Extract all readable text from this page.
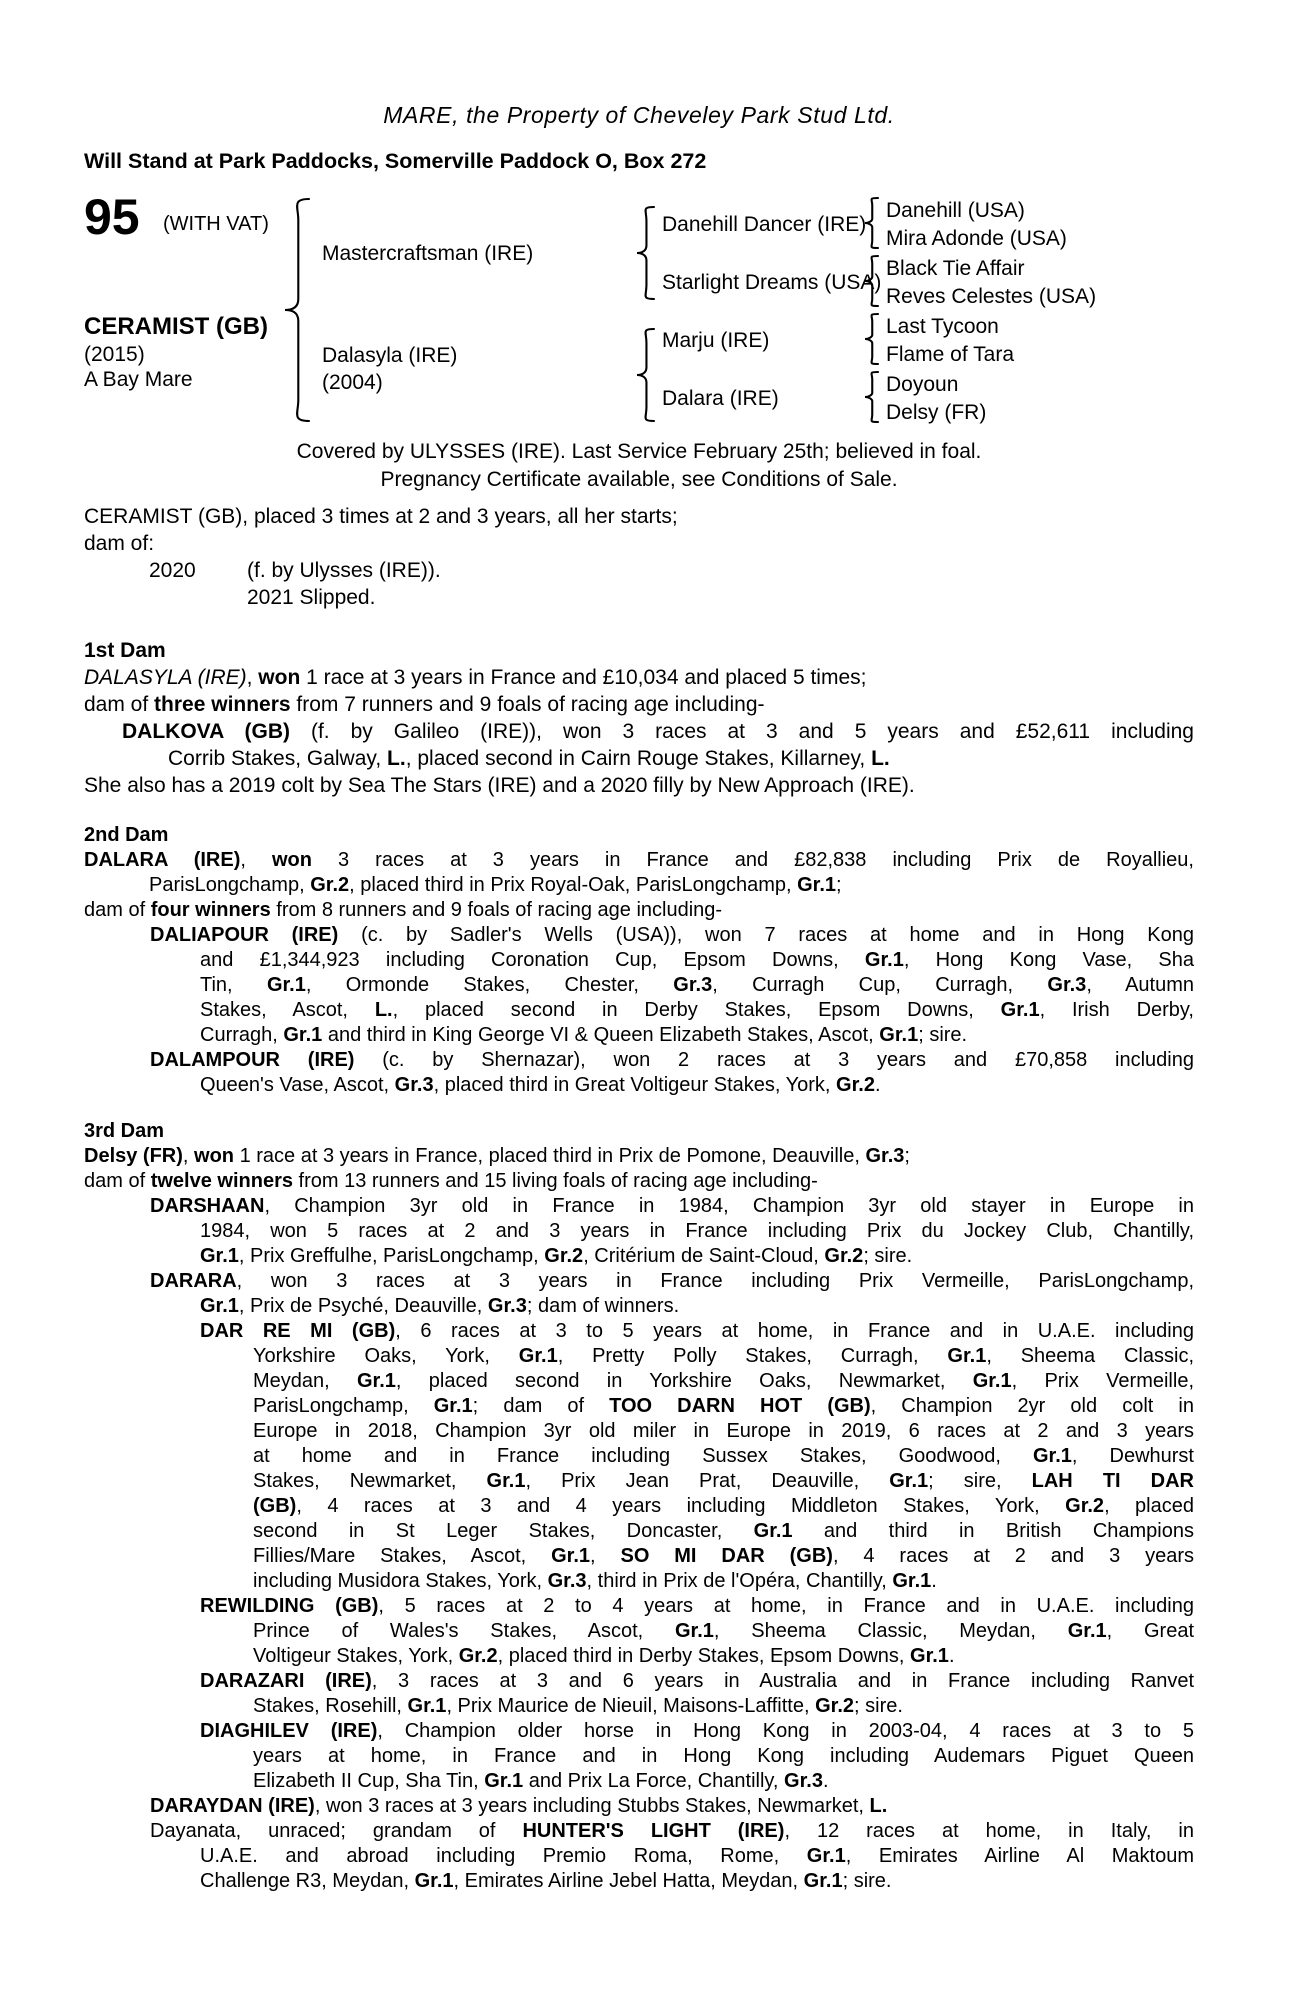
MARE, the Property of Cheveley Park Stud Ltd.
Will Stand at Park Paddocks, Somerville Paddock O, Box 272
95 (WITH VAT)
CERAMIST (GB)
(2015)
A Bay Mare
Mastercraftsman (IRE)
Dalasyla (IRE)
(2004)
Danehill Dancer (IRE)
Starlight Dreams (USA)
Marju (IRE)
Dalara (IRE)
Danehill (USA)
Mira Adonde (USA)
Black Tie Affair
Reves Celestes (USA)
Last Tycoon
Flame of Tara
Doyoun
Delsy (FR)
Covered by ULYSSES (IRE). Last Service February 25th; believed in foal.
Pregnancy Certificate available, see Conditions of Sale.
CERAMIST (GB), placed 3 times at 2 and 3 years, all her starts;
dam of:
2020 (f. by Ulysses (IRE)).
2021 Slipped.
1st Dam
DALASYLA (IRE), won 1 race at 3 years in France and £10,034 and placed 5 times;
dam of three winners from 7 runners and 9 foals of racing age including-
DALKOVA (GB) (f. by Galileo (IRE)), won 3 races at 3 and 5 years and £52,611 including
Corrib Stakes, Galway, L., placed second in Cairn Rouge Stakes, Killarney, L.
She also has a 2019 colt by Sea The Stars (IRE) and a 2020 filly by New Approach (IRE).
2nd Dam
DALARA (IRE), won 3 races at 3 years in France and £82,838 including Prix de Royallieu,
ParisLongchamp, Gr.2, placed third in Prix Royal-Oak, ParisLongchamp, Gr.1;
dam of four winners from 8 runners and 9 foals of racing age including-
DALIAPOUR (IRE) (c. by Sadler's Wells (USA)), won 7 races at home and in Hong Kong
and £1,344,923 including Coronation Cup, Epsom Downs, Gr.1, Hong Kong Vase, Sha
Tin, Gr.1, Ormonde Stakes, Chester, Gr.3, Curragh Cup, Curragh, Gr.3, Autumn
Stakes, Ascot, L., placed second in Derby Stakes, Epsom Downs, Gr.1, Irish Derby,
Curragh, Gr.1 and third in King George VI & Queen Elizabeth Stakes, Ascot, Gr.1; sire.
DALAMPOUR (IRE) (c. by Shernazar), won 2 races at 3 years and £70,858 including
Queen's Vase, Ascot, Gr.3, placed third in Great Voltigeur Stakes, York, Gr.2.
3rd Dam
Delsy (FR), won 1 race at 3 years in France, placed third in Prix de Pomone, Deauville, Gr.3;
dam of twelve winners from 13 runners and 15 living foals of racing age including-
DARSHAAN, Champion 3yr old in France in 1984, Champion 3yr old stayer in Europe in
1984, won 5 races at 2 and 3 years in France including Prix du Jockey Club, Chantilly,
Gr.1, Prix Greffulhe, ParisLongchamp, Gr.2, Critérium de Saint-Cloud, Gr.2; sire.
DARARA, won 3 races at 3 years in France including Prix Vermeille, ParisLongchamp,
Gr.1, Prix de Psyché, Deauville, Gr.3; dam of winners.
DAR RE MI (GB), 6 races at 3 to 5 years at home, in France and in U.A.E. including
Yorkshire Oaks, York, Gr.1, Pretty Polly Stakes, Curragh, Gr.1, Sheema Classic,
Meydan, Gr.1, placed second in Yorkshire Oaks, Newmarket, Gr.1, Prix Vermeille,
ParisLongchamp, Gr.1; dam of TOO DARN HOT (GB), Champion 2yr old colt in
Europe in 2018, Champion 3yr old miler in Europe in 2019, 6 races at 2 and 3 years
at home and in France including Sussex Stakes, Goodwood, Gr.1, Dewhurst
Stakes, Newmarket, Gr.1, Prix Jean Prat, Deauville, Gr.1; sire, LAH TI DAR
(GB), 4 races at 3 and 4 years including Middleton Stakes, York, Gr.2, placed
second in St Leger Stakes, Doncaster, Gr.1 and third in British Champions
Fillies/Mare Stakes, Ascot, Gr.1, SO MI DAR (GB), 4 races at 2 and 3 years
including Musidora Stakes, York, Gr.3, third in Prix de l'Opéra, Chantilly, Gr.1.
REWILDING (GB), 5 races at 2 to 4 years at home, in France and in U.A.E. including
Prince of Wales's Stakes, Ascot, Gr.1, Sheema Classic, Meydan, Gr.1, Great
Voltigeur Stakes, York, Gr.2, placed third in Derby Stakes, Epsom Downs, Gr.1.
DARAZARI (IRE), 3 races at 3 and 6 years in Australia and in France including Ranvet
Stakes, Rosehill, Gr.1, Prix Maurice de Nieuil, Maisons-Laffitte, Gr.2; sire.
DIAGHILEV (IRE), Champion older horse in Hong Kong in 2003-04, 4 races at 3 to 5
years at home, in France and in Hong Kong including Audemars Piguet Queen
Elizabeth II Cup, Sha Tin, Gr.1 and Prix La Force, Chantilly, Gr.3.
DARAYDAN (IRE), won 3 races at 3 years including Stubbs Stakes, Newmarket, L.
Dayanata, unraced; grandam of HUNTER'S LIGHT (IRE), 12 races at home, in Italy, in
U.A.E. and abroad including Premio Roma, Rome, Gr.1, Emirates Airline Al Maktoum
Challenge R3, Meydan, Gr.1, Emirates Airline Jebel Hatta, Meydan, Gr.1; sire.
